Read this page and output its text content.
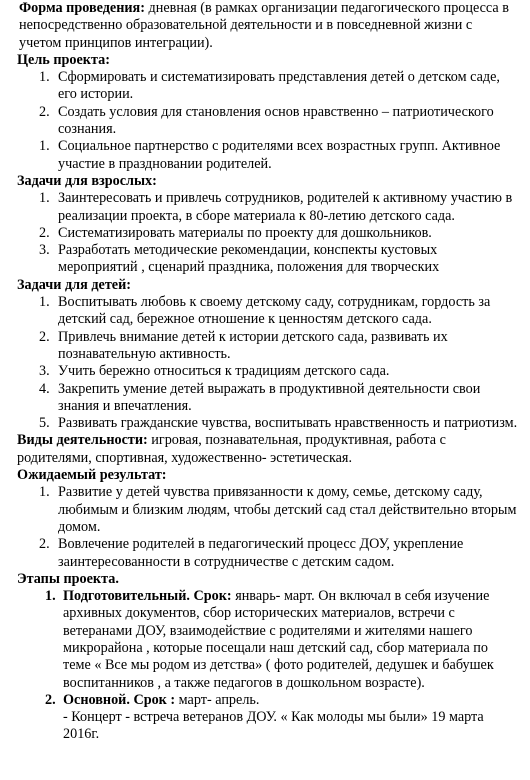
Форма проведения: дневная (в рамках организации педагогического процесса в непосредственно образовательной деятельности и в повседневной жизни с учетом принципов интеграции).

Цель проекта:

1. Сформировать и систематизировать представления детей о детском саде, его истории.
2. Создать условия для становления основ нравственно – патриотического сознания.
1. Социальное партнерство с родителями всех возрастных групп. Активное участие в праздновании родителей.

Задачи для взрослых:

1. Заинтересовать и привлечь сотрудников, родителей к активному участию в реализации проекта, в сборе материала к 80-летию детского сада.
2. Систематизировать материалы по проекту для дошкольников.
3. Разработать методические рекомендации, конспекты кустовых мероприятий , сценарий праздника, положения для творческих

Задачи для детей:

1. Воспитывать любовь к своему детскому саду, сотрудникам, гордость за детский сад, бережное отношение к ценностям детского сада.
2. Привлечь внимание детей к истории детского сада, развивать их познавательную активность.
3. Учить бережно относиться к традициям детского сада.
4. Закрепить умение детей выражать в продуктивной деятельности свои знания и впечатления.
5. Развивать гражданские чувства, воспитывать нравственность и патриотизм.

Виды деятельности: игровая, познавательная, продуктивная, работа с родителями, спортивная, художественно- эстетическая.

Ожидаемый результат:

1. Развитие у детей чувства привязанности к дому, семье, детскому саду, любимым и близким людям, чтобы детский сад стал действительно вторым домом.
2. Вовлечение родителей в педагогический процесс ДОУ, укрепление заинтересованности в сотрудничестве с детским садом.

Этапы проекта.

1. Подготовительный. Срок: январь- март. Он включал в себя изучение архивных документов, сбор исторических материалов, встречи с ветеранами ДОУ, взаимодействие с родителями и жителями нашего микрорайона , которые посещали наш детский сад, сбор материала по теме « Все мы родом из детства» ( фото родителей, дедушек и бабушек воспитанников , а также педагогов в дошкольном возрасте).
2. Основной. Срок : март- апрель.
- Концерт - встреча ветеранов ДОУ. « Как молоды мы были» 19 марта 2016г.
